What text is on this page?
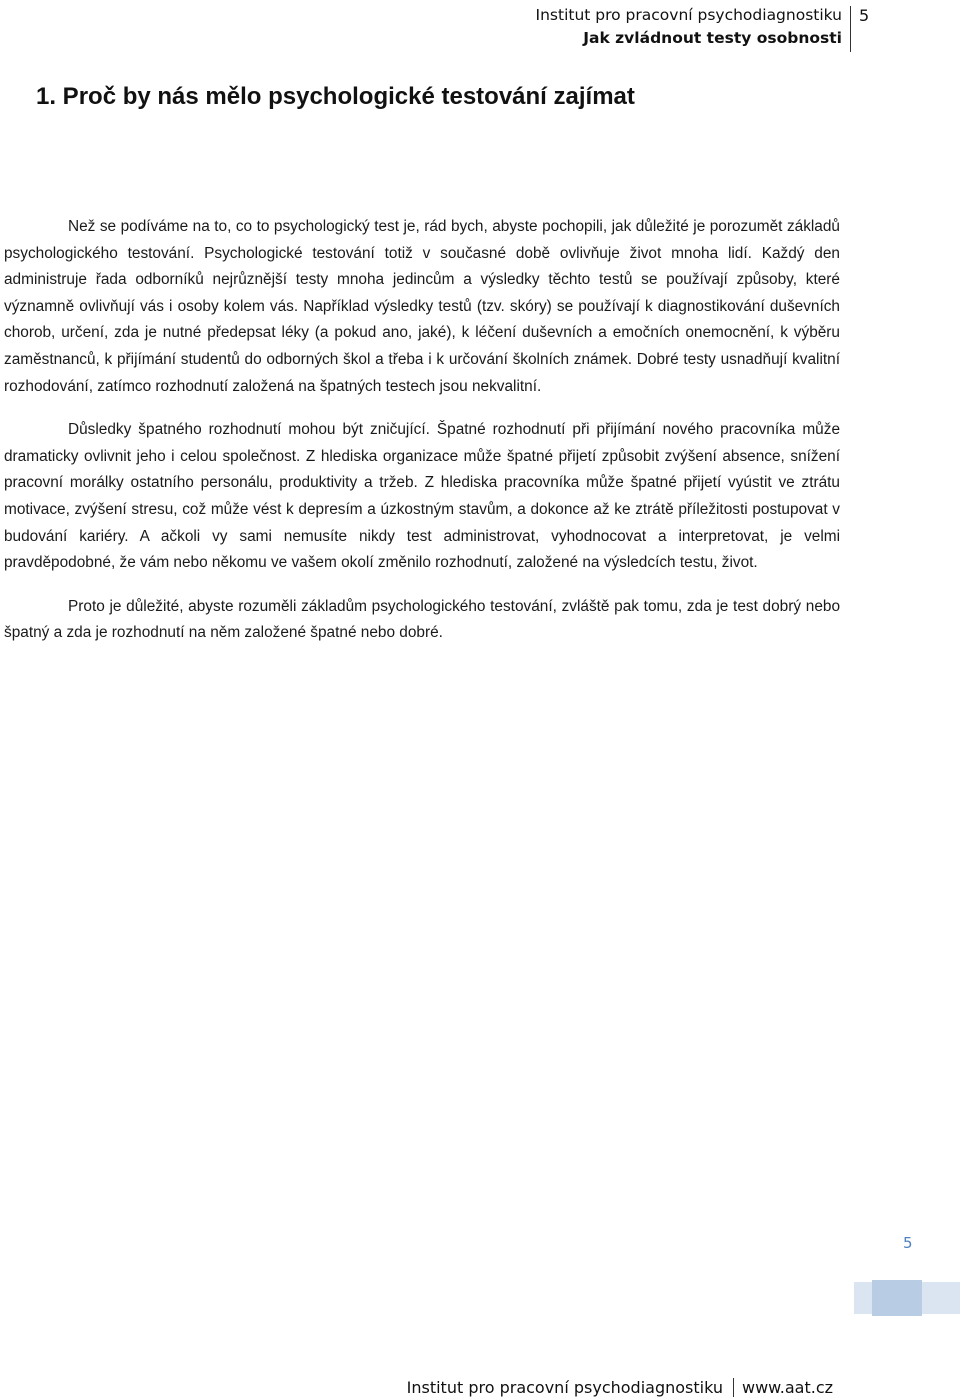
Institut pro pracovní psychodiagnostiku
Jak zvládnout testy osobnosti
5
1. Proč by nás mělo psychologické testování zajímat

Než se podíváme na to, co to psychologický test je, rád bych, abyste pochopili, jak důležité je porozumět základů psychologického testování. Psychologické testování totiž v současné době ovlivňuje život mnoha lidí. Každý den administruje řada odborníků nejrůznější testy mnoha jedincům a výsledky těchto testů se používají způsoby, které významně ovlivňují vás i osoby kolem vás. Například výsledky testů (tzv. skóry) se používají k diagnostikování duševních chorob, určení, zda je nutné předepsat léky (a pokud ano, jaké), k léčení duševních a emočních onemocnění, k výběru zaměstnanců, k přijímání studentů do odborných škol a třeba i k určování školních známek. Dobré testy usnadňují kvalitní rozhodování, zatímco rozhodnutí založená na špatných testech jsou nekvalitní.

Důsledky špatného rozhodnutí mohou být zničující. Špatné rozhodnutí při přijímání nového pracovníka může dramaticky ovlivnit jeho i celou společnost. Z hlediska organizace může špatné přijetí způsobit zvýšení absence, snížení pracovní morálky ostatního personálu, produktivity a tržeb. Z hlediska pracovníka může špatné přijetí vyústit ve ztrátu motivace, zvýšení stresu, což může vést k depresím a úzkostným stavům, a dokonce až ke ztrátě příležitosti postupovat v budování kariéry. A ačkoli vy sami nemusíte nikdy test administrovat, vyhodnocovat a interpretovat, je velmi pravděpodobné, že vám nebo někomu ve vašem okolí změnilo rozhodnutí, založené na výsledcích testu, život.

Proto je důležité, abyste rozuměli základům psychologického testování, zvláště pak tomu, zda je test dobrý nebo špatný a zda je rozhodnutí na něm založené špatné nebo dobré.

5
Institut pro pracovní psychodiagnostiku www.aat.cz
